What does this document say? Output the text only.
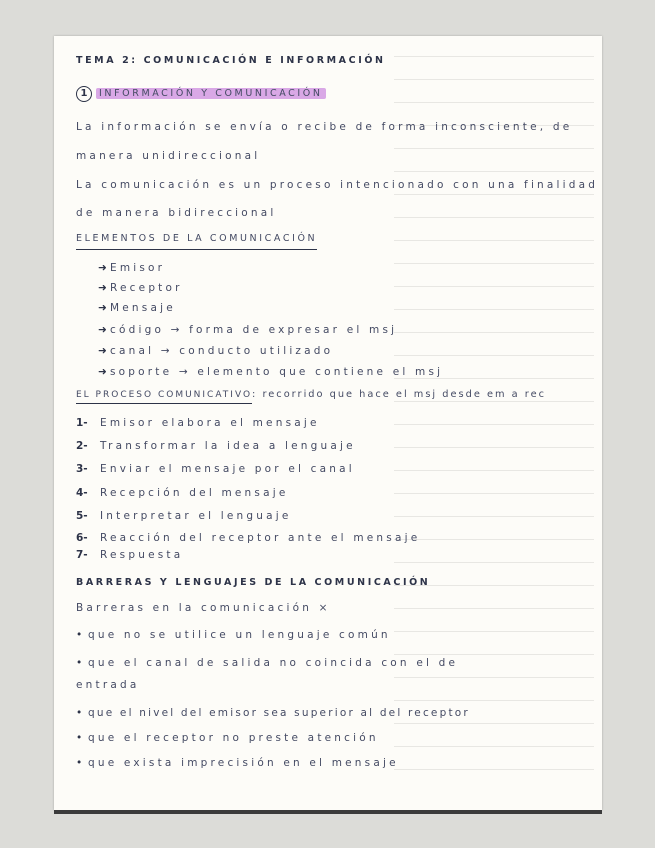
TEMA 2: COMUNICACIÓN E INFORMACIÓN
1 INFORMACIÓN Y COMUNICACIÓN
La información se envía o recibe de forma inconsciente, de
manera unidireccional
La comunicación es un proceso intencionado con una finalidad
de manera bidireccional
ELEMENTOS DE LA COMUNICACIÓN
➜ Emisor
➜ Receptor
➜ Mensaje
➜ código → forma de expresar el msj
➜ canal → conducto utilizado
➜ soporte → elemento que contiene el msj
EL PROCESO COMUNICATIVO: recorrido que hace el msj desde em a rec
1- Emisor elabora el mensaje
2- Transformar la idea a lenguaje
3- Enviar el mensaje por el canal
4- Recepción del mensaje
5- Interpretar el lenguaje
6- Reacción del receptor ante el mensaje
7- Respuesta
BARRERAS Y LENGUAJES DE LA COMUNICACIÓN
Barreras en la comunicación ×
• que no se utilice un lenguaje común
• que el canal de salida no coincida con el de
entrada
• que el nivel del emisor sea superior al del receptor
• que el receptor no preste atención
• que exista imprecisión en el mensaje
